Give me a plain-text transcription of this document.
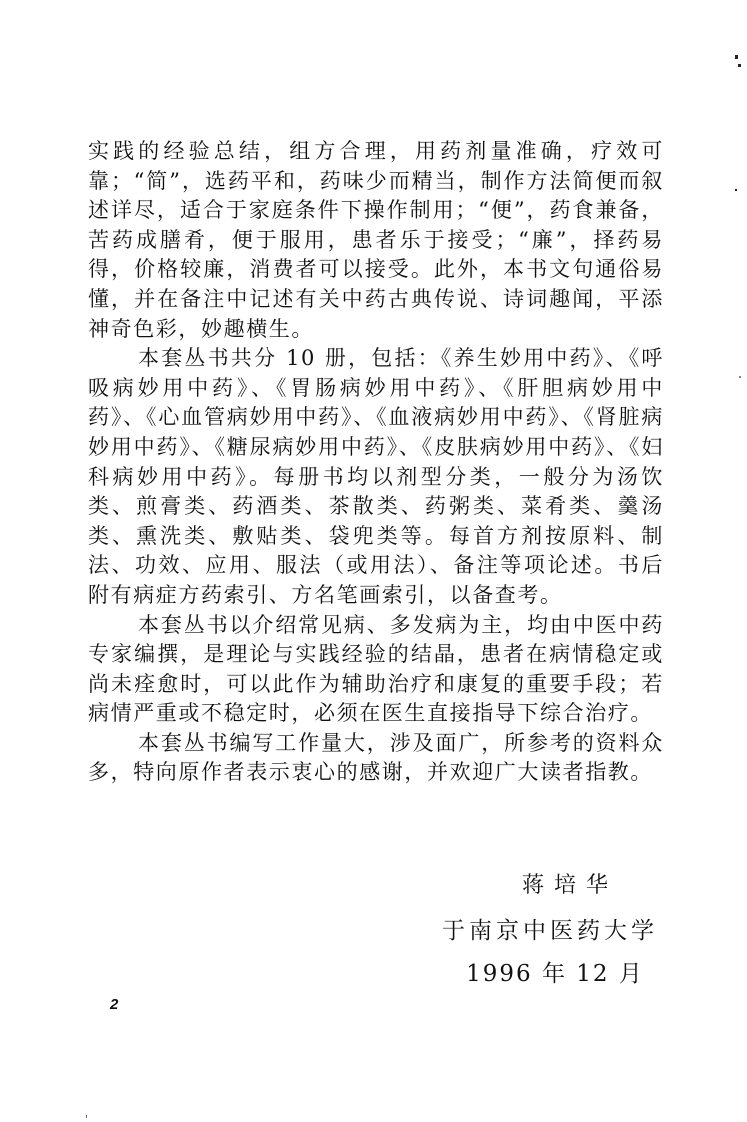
实践的经验总结，组方合理，用药剂量准确，疗效可靠；“简”，选药平和，药味少而精当，制作方法简便而叙述详尽，适合于家庭条件下操作制用；“便”，药食兼备，苦药成膳肴，便于服用，患者乐于接受；“廉”，择药易得，价格较廉，消费者可以接受。此外，本书文句通俗易懂，并在备注中记述有关中药古典传说、诗词趣闻，平添神奇色彩，妙趣横生。

本套丛书共分 10 册，包括：《养生妙用中药》、《呼吸病妙用中药》、《胃肠病妙用中药》、《肝胆病妙用中药》、《心血管病妙用中药》、《血液病妙用中药》、《肾脏病妙用中药》、《糖尿病妙用中药》、《皮肤病妙用中药》、《妇科病妙用中药》。每册书均以剂型分类，一般分为汤饮类、煎膏类、药酒类、茶散类、药粥类、菜肴类、羹汤类、熏洗类、敷贴类、袋兜类等。每首方剂按原料、制法、功效、应用、服法（或用法）、备注等项论述。书后附有病症方药索引、方名笔画索引，以备查考。

本套丛书以介绍常见病、多发病为主，均由中医中药专家编撰，是理论与实践经验的结晶，患者在病情稳定或尚未痊愈时，可以此作为辅助治疗和康复的重要手段；若病情严重或不稳定时，必须在医生直接指导下综合治疗。

本套丛书编写工作量大，涉及面广，所参考的资料众多，特向原作者表示衷心的感谢，并欢迎广大读者指教。

蒋培华
于南京中医药大学
1996 年 12 月
2
